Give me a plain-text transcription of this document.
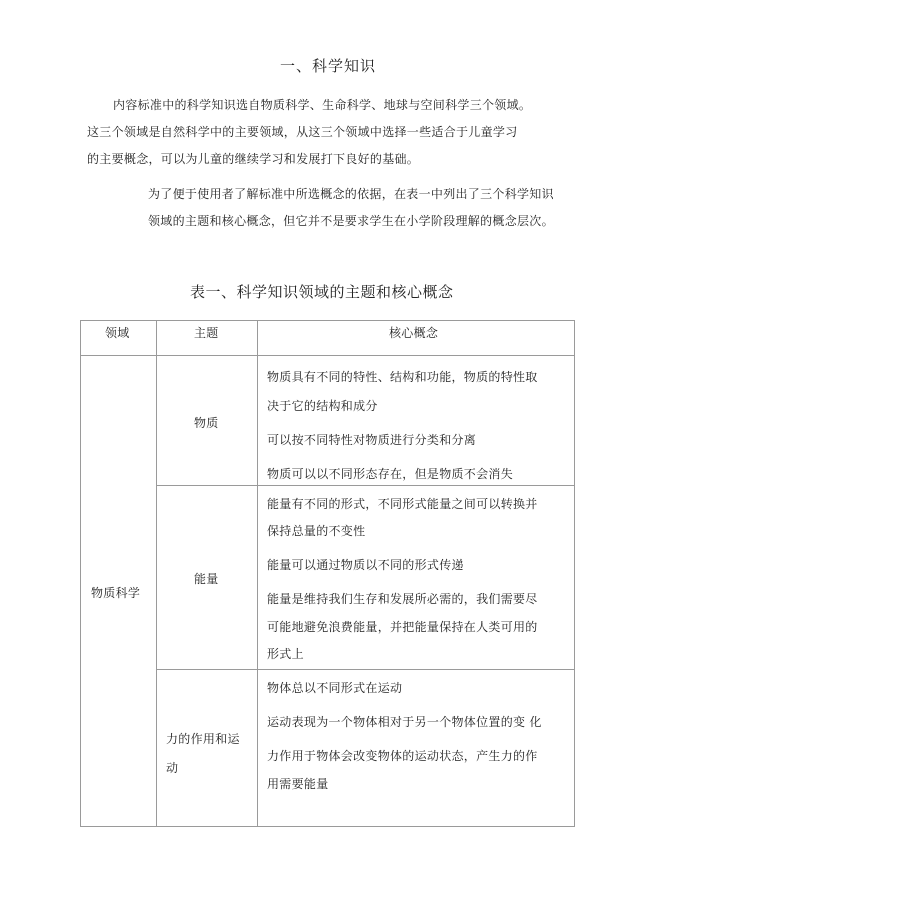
一、科学知识
内容标准中的科学知识选自物质科学、生命科学、地球与空间科学三个领域。
这三个领域是自然科学中的主要领域，从这三个领域中选择一些适合于儿童学习
的主要概念，可以为儿童的继续学习和发展打下良好的基础。
为了便于使用者了解标准中所选概念的依据，在表一中列出了三个科学知识
领域的主题和核心概念，但它并不是要求学生在小学阶段理解的概念层次。
表一、科学知识领域的主题和核心概念
领域	主题	核心概念
物质科学
物质
物质具有不同的特性、结构和功能，物质的特性取
决于它的结构和成分
可以按不同特性对物质进行分类和分离
物质可以以不同形态存在，但是物质不会消失
能量
能量有不同的形式，不同形式能量之间可以转换并
保持总量的不变性
能量可以通过物质以不同的形式传递
能量是维持我们生存和发展所必需的，我们需要尽
可能地避免浪费能量，并把能量保持在人类可用的
形式上
力的作用和运
动
物体总以不同形式在运动
运动表现为一个物体相对于另一个物体位置的变 化
力作用于物体会改变物体的运动状态，产生力的作
用需要能量
